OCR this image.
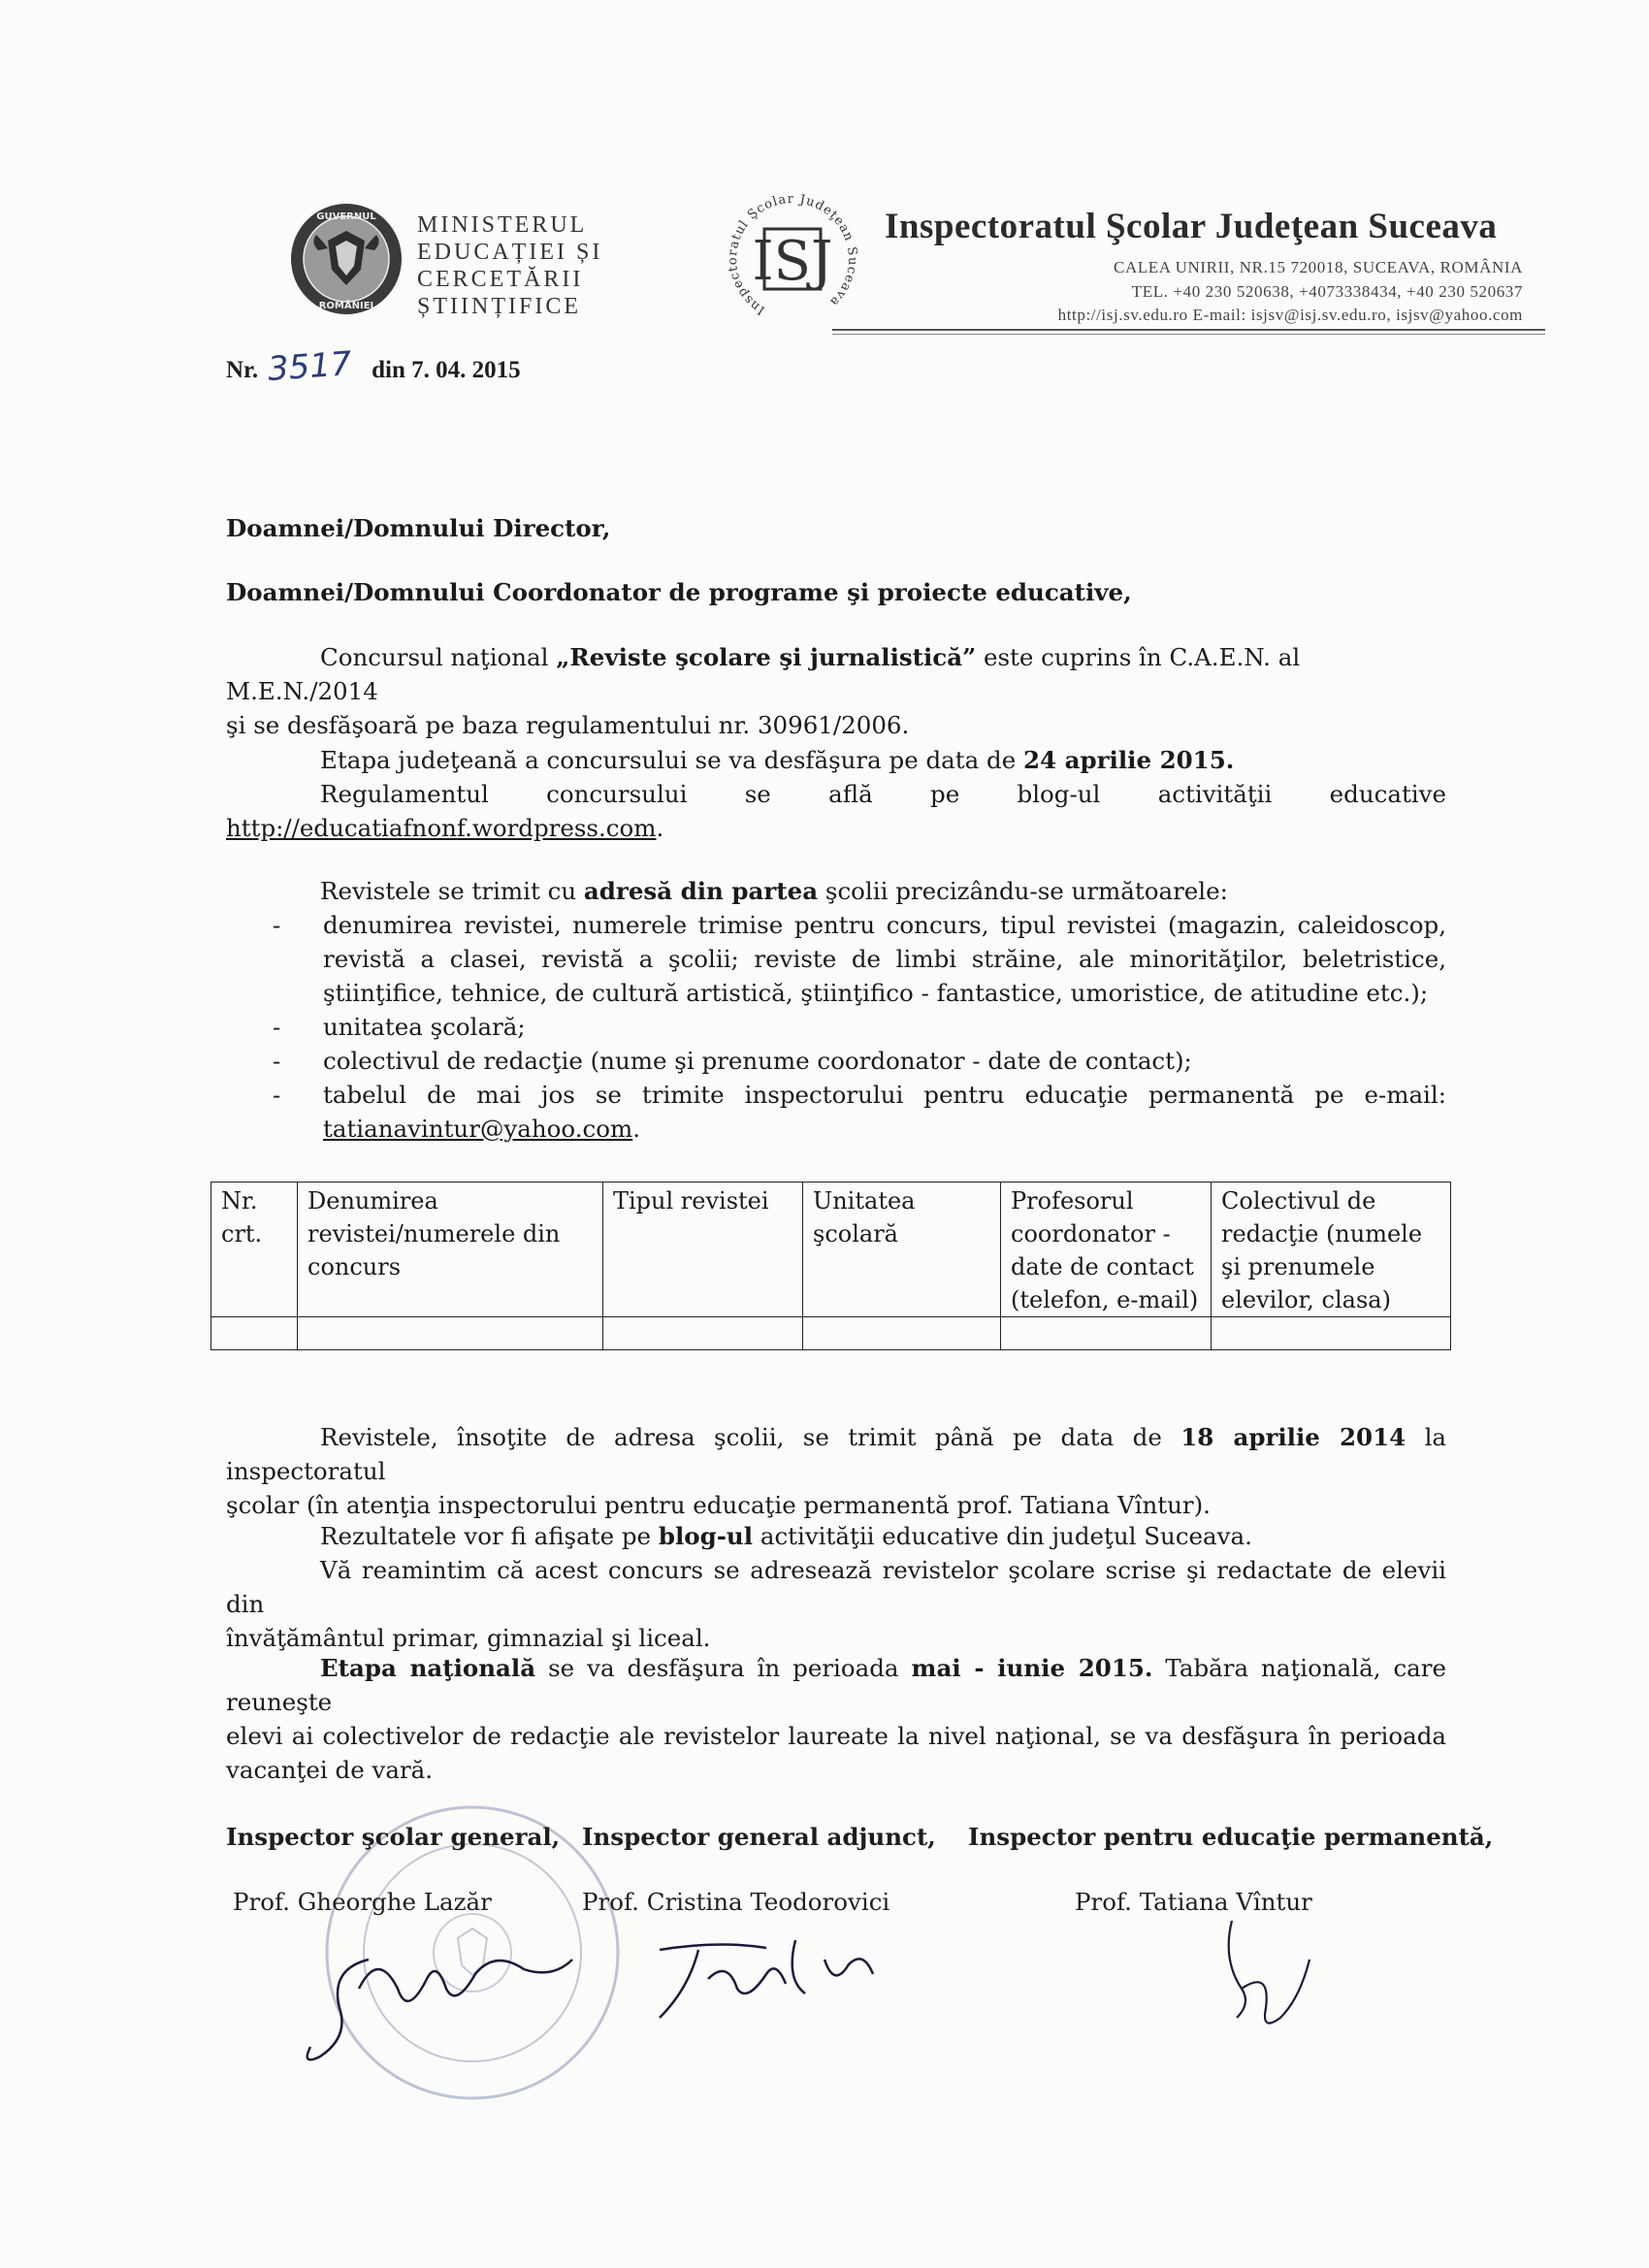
GUVERNUL
ROMÂNIEI
MINISTERUL
EDUCAȚIEI ȘI
CERCETĂRII
ȘTIINȚIFICE	Inspectoratul Şcolar Judeţean Suceava
ISJ
Inspectoratul Şcolar Judeţean Suceava
CALEA UNIRII, NR.15 720018, SUCEAVA, ROMÂNIA
TEL. +40 230 520638, +4073338434, +40 230 520637
http://isj.sv.edu.ro E-mail: isjsv@isj.sv.edu.ro, isjsv@yahoo.com
Nr. 3517 din 7. 04. 2015
Doamnei/Domnului Director,
Doamnei/Domnului Coordonator de programe şi proiecte educative,
Concursul naţional „Reviste şcolare şi jurnalistică” este cuprins în C.A.E.N. al M.E.N./2014
şi se desfăşoară pe baza regulamentului nr. 30961/2006.
Etapa judeţeană a concursului se va desfăşura pe data de 24 aprilie 2015.
Regulamentul concursului se află pe blog-ul activităţii educative
http://educatiafnonf.wordpress.com.
Revistele se trimit cu adresă din partea şcolii precizându-se următoarele:
- denumirea revistei, numerele trimise pentru concurs, tipul revistei (magazin, caleidoscop, revistă a clasei, revistă a şcolii; reviste de limbi străine, ale minorităţilor, beletristice, ştiinţifice, tehnice, de cultură artistică, ştiinţifico - fantastice, umoristice, de atitudine etc.);
- unitatea şcolară;
- colectivul de redacţie (nume şi prenume coordonator - date de contact);
- tabelul de mai jos se trimite inspectorului pentru educaţie permanentă pe e-mail:
tatianavintur@yahoo.com.
Nr. crt.	Denumirea revistei/numerele din concurs	Tipul revistei	Unitatea şcolară	Profesorul coordonator - date de contact (telefon, e-mail)	Colectivul de redacţie (numele şi prenumele elevilor, clasa)

Revistele, însoţite de adresa şcolii, se trimit până pe data de 18 aprilie 2014 la inspectoratul
şcolar (în atenţia inspectorului pentru educaţie permanentă prof. Tatiana Vîntur).
Rezultatele vor fi afişate pe blog-ul activităţii educative din judeţul Suceava.
Vă reamintim că acest concurs se adresează revistelor şcolare scrise şi redactate de elevii din
învăţământul primar, gimnazial şi liceal.
Etapa naţională se va desfăşura în perioada mai - iunie 2015. Tabăra naţională, care reuneşte
elevi ai colectivelor de redacţie ale revistelor laureate la nivel naţional, se va desfăşura în perioada
vacanţei de vară.
Inspector şcolar general, Inspector general adjunct, Inspector pentru educaţie permanentă,
Prof. Gheorghe Lazăr	Prof. Cristina Teodorovici	Prof. Tatiana Vîntur
